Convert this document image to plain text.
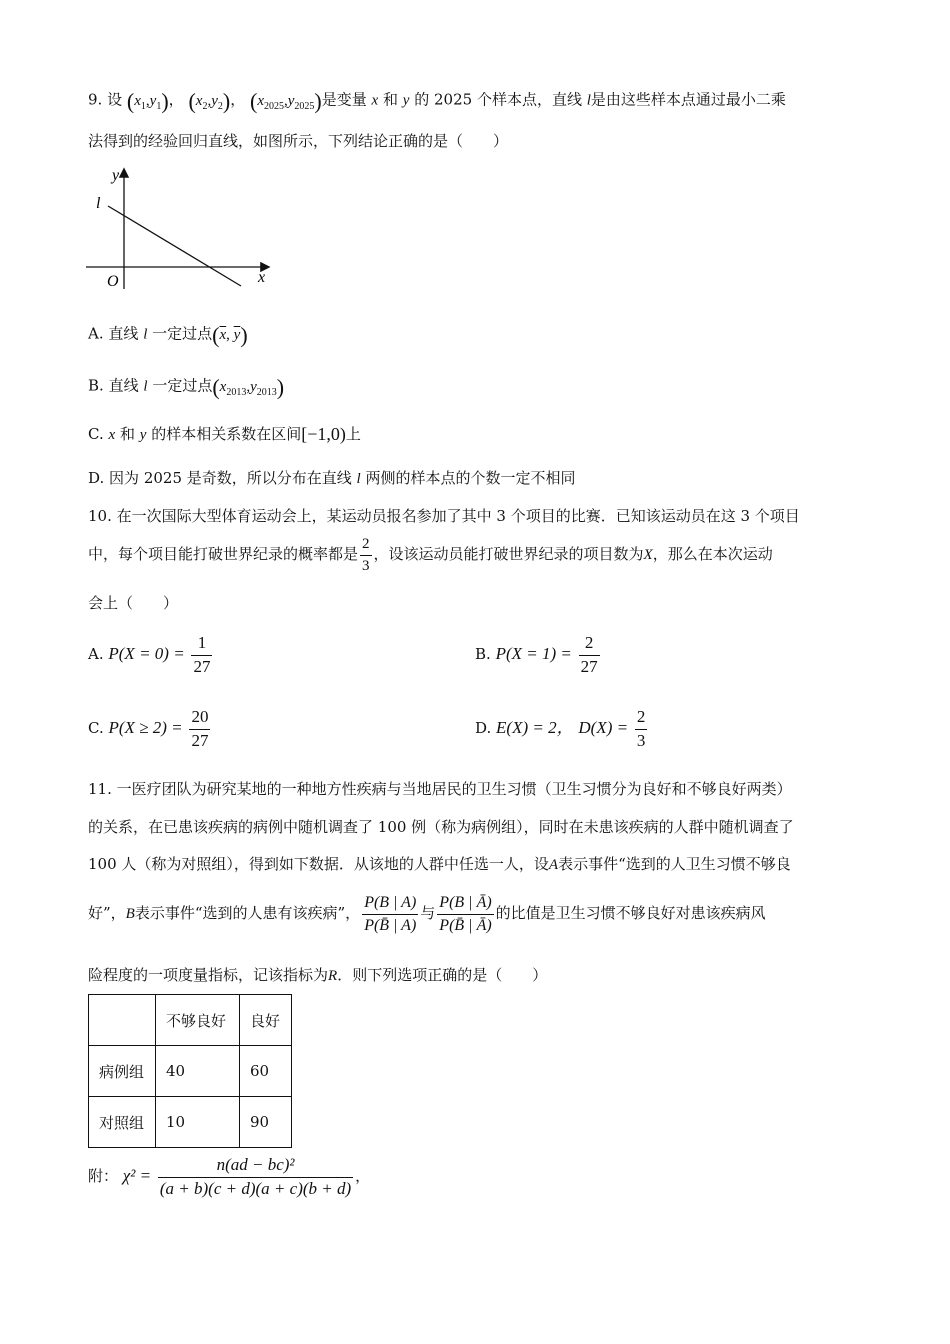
9. 设 $(x_1,y_1)$， $(x_2,y_2)$， $(x_{2025},y_{2025})$是变量 x 和 y 的 2025 个样本点，直线 l是由这些样本点通过最小二乘
法得到的经验回归直线，如图所示，下列结论正确的是（　　）
y
x
O
l
A. 直线 l 一定过点($\overline{x}$, $\overline{y}$)
B. 直线 l 一定过点$(x_{2013},y_{2013})$
C. x 和 y 的样本相关系数在区间[−1,0)上
D. 因为 2025 是奇数，所以分布在直线 l 两侧的样本点的个数一定不相同
10. 在一次国际大型体育运动会上，某运动员报名参加了其中 3 个项目的比赛．已知该运动员在这 3 个项目
中，每个项目能打破世界纪录的概率都是 $\frac{2}{3}$ ，设该运动员能打破世界纪录的项目数为X，那么在本次运动
会上（　　）
A. $P(X = 0) = \frac{1}{27}$	B. $P(X = 1) = \frac{2}{27}$
C. $P(X \ge 2) = \frac{20}{27}$	D. E(X) = 2， $D(X) = \frac{2}{3}$
11. 一医疗团队为研究某地的一种地方性疾病与当地居民的卫生习惯（卫生习惯分为良好和不够良好两类）
的关系，在已患该疾病的病例中随机调查了 100 例（称为病例组），同时在未患该疾病的人群中随机调查了
100 人（称为对照组），得到如下数据．从该地的人群中任选一人，设A表示事件“选到的人卫生习惯不够良
好”，B表示事件“选到的人患有该疾病”， $\frac{P(B | A)}{P(B̄ | A)}$ 与 $\frac{P(B | Ā)}{P(B̄ | Ā)}$ 的比值是卫生习惯不够良好对患该疾病风
险程度的一项度量指标，记该指标为R．则下列选项正确的是（　　）
	不够良好	良好
病例组	40	60
对照组	10	90
附： $\chi^2 = \frac{\text{n(ad − bc)²}}{(a + b)(c + d)(a + c)(b + d)}$ ，
